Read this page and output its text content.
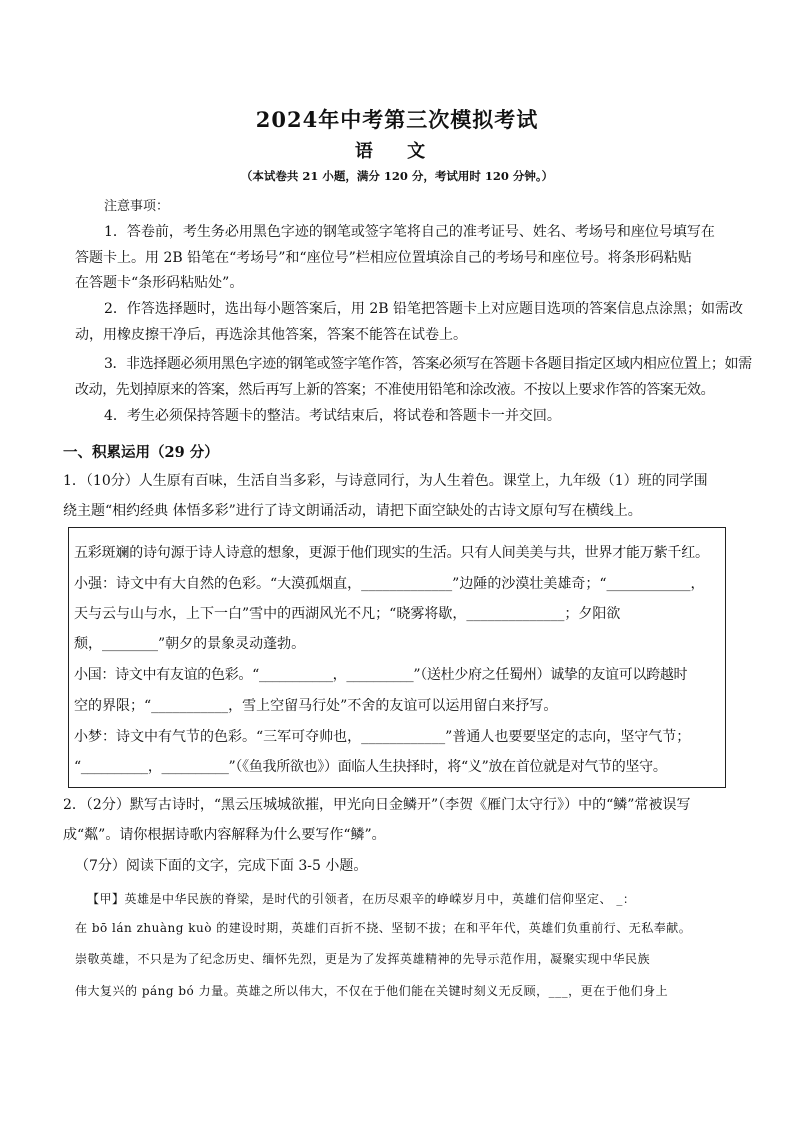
2024年中考第三次模拟考试
语 文
（本试卷共 21 小题，满分 120 分，考试用时 120 分钟。）
注意事项：
1．答卷前，考生务必用黑色字迹的钢笔或签字笔将自己的准考证号、姓名、考场号和座位号填写在
答题卡上。用 2B 铅笔在“考场号”和“座位号”栏相应位置填涂自己的考场号和座位号。将条形码粘贴
在答题卡“条形码粘贴处”。
2．作答选择题时，选出每小题答案后，用 2B 铅笔把答题卡上对应题目选项的答案信息点涂黑；如需改
动，用橡皮擦干净后，再选涂其他答案，答案不能答在试卷上。
3．非选择题必须用黑色字迹的钢笔或签字笔作答，答案必须写在答题卡各题目指定区域内相应位置上；如需
改动，先划掉原来的答案，然后再写上新的答案；不准使用铅笔和涂改液。不按以上要求作答的答案无效。
4．考生必须保持答题卡的整洁。考试结束后，将试卷和答题卡一并交回。
一、积累运用（29 分）
1．（10分）人生原有百味，生活自当多彩，与诗意同行，为人生着色。课堂上，九年级（1）班的同学围
绕主题“相约经典 体悟多彩”进行了诗文朗诵活动，请把下面空缺处的古诗文原句写在横线上。
五彩斑斓的诗句源于诗人诗意的想象，更源于他们现实的生活。只有人间美美与共，世界才能万紫千红。
小强：诗文中有大自然的色彩。“大漠孤烟直，_____________”边陲的沙漠壮美雄奇；“____________，
天与云与山与水，上下一白”雪中的西湖风光不凡；“晓雾将歇，______________；夕阳欲
颓，________”朝夕的景象灵动蓬勃。
小国：诗文中有友谊的色彩。“___________，__________”（送杜少府之任蜀州）诚挚的友谊可以跨越时
空的界限；“___________，雪上空留马行处”不舍的友谊可以运用留白来抒写。
小梦：诗文中有气节的色彩。“三军可夺帅也，____________”普通人也要要坚定的志向，坚守气节；
“__________，__________”（《鱼我所欲也》）面临人生抉择时，将“义”放在首位就是对气节的坚守。
2．（2分）默写古诗时，“黑云压城城欲摧，甲光向日金鳞开”（李贺《雁门太守行》）中的“鳞”常被误写
成“粼”。请你根据诗歌内容解释为什么要写作“鳞”。
（7分）阅读下面的文字，完成下面 3-5 小题。
【甲】英雄是中华民族的脊梁，是时代的引领者，在历尽艰辛的峥嵘岁月中，英雄们信仰坚定、 _：
在 bō lán zhuàng kuò 的建设时期，英雄们百折不挠、坚韧不拔；在和平年代，英雄们负重前行、无私奉献。
崇敬英雄，不只是为了纪念历史、缅怀先烈，更是为了发挥英雄精神的先导示范作用，凝聚实现中华民族
伟大复兴的 páng bó 力量。英雄之所以伟大，不仅在于他们能在关键时刻义无反顾，___，更在于他们身上
